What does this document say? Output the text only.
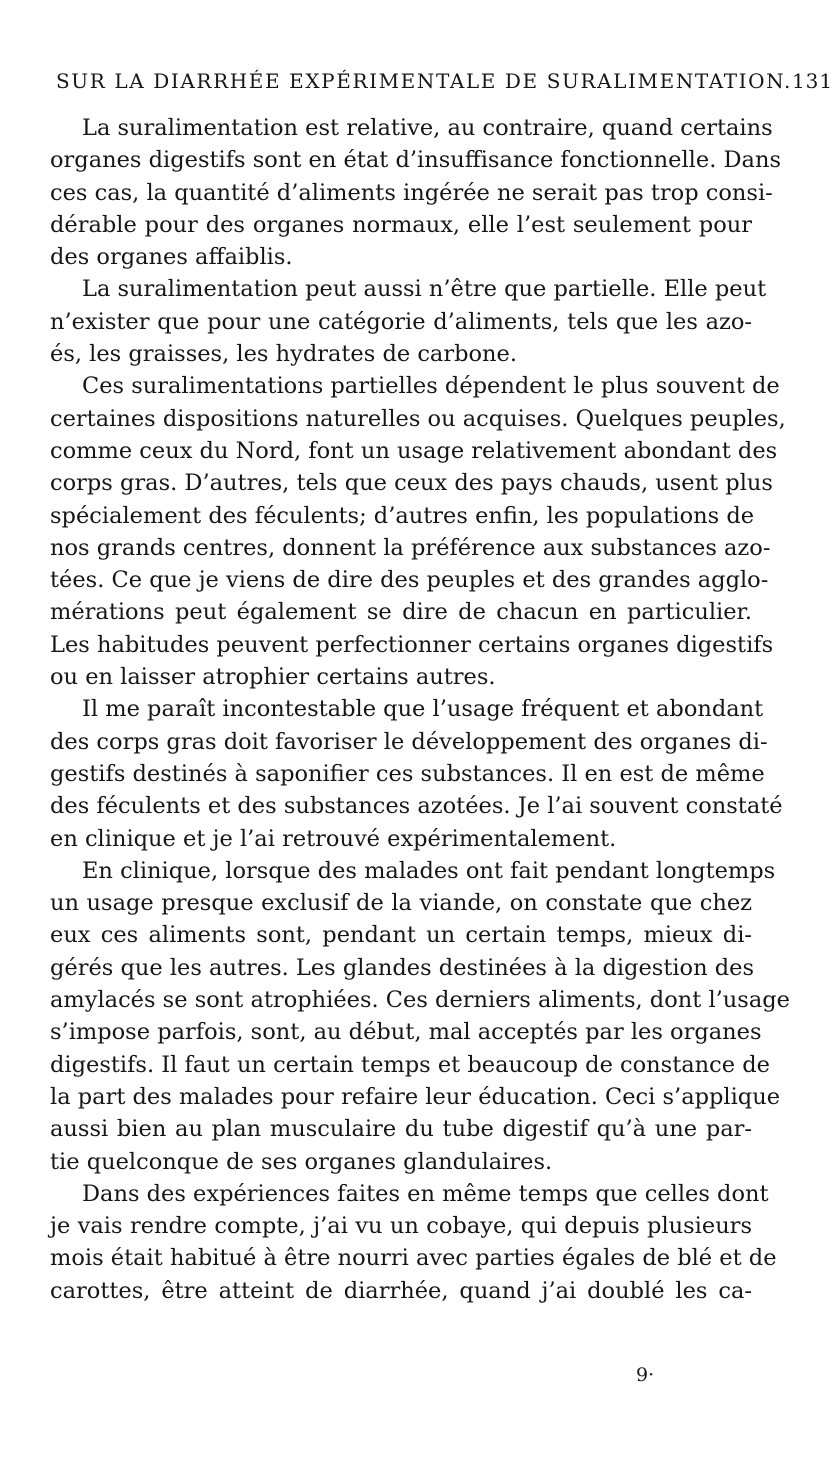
SUR LA DIARRHÉE EXPÉRIMENTALE DE SURALIMENTATION. 131
La suralimentation est relative, au contraire, quand certains
organes digestifs sont en état d’insuffisance fonctionnelle. Dans
ces cas, la quantité d’aliments ingérée ne serait pas trop consi-
dérable pour des organes normaux, elle l’est seulement pour
des organes affaiblis.
La suralimentation peut aussi n’être que partielle. Elle peut
n’exister que pour une catégorie d’aliments, tels que les azo-
és, les graisses, les hydrates de carbone.
Ces suralimentations partielles dépendent le plus souvent de
certaines dispositions naturelles ou acquises. Quelques peuples,
comme ceux du Nord, font un usage relativement abondant des
corps gras. D’autres, tels que ceux des pays chauds, usent plus
spécialement des féculents; d’autres enfin, les populations de
nos grands centres, donnent la préférence aux substances azo-
tées. Ce que je viens de dire des peuples et des grandes agglo-
mérations peut également se dire de chacun en particulier.
Les habitudes peuvent perfectionner certains organes digestifs
ou en laisser atrophier certains autres.
Il me paraît incontestable que l’usage fréquent et abondant
des corps gras doit favoriser le développement des organes di-
gestifs destinés à saponifier ces substances. Il en est de même
des féculents et des substances azotées. Je l’ai souvent constaté
en clinique et je l’ai retrouvé expérimentalement.
En clinique, lorsque des malades ont fait pendant longtemps
un usage presque exclusif de la viande, on constate que chez
eux ces aliments sont, pendant un certain temps, mieux di-
gérés que les autres. Les glandes destinées à la digestion des
amylacés se sont atrophiées. Ces derniers aliments, dont l’usage
s’impose parfois, sont, au début, mal acceptés par les organes
digestifs. Il faut un certain temps et beaucoup de constance de
la part des malades pour refaire leur éducation. Ceci s’applique
aussi bien au plan musculaire du tube digestif qu’à une par-
tie quelconque de ses organes glandulaires.
Dans des expériences faites en même temps que celles dont
je vais rendre compte, j’ai vu un cobaye, qui depuis plusieurs
mois était habitué à être nourri avec parties égales de blé et de
carottes, être atteint de diarrhée, quand j’ai doublé les ca-
9·
